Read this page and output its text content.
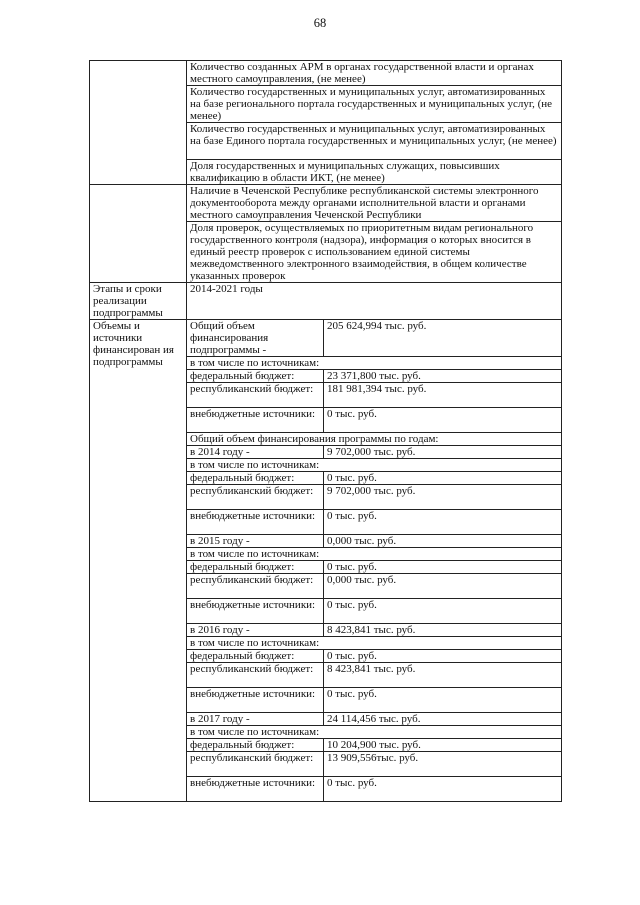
68
	Количество созданных АРМ в органах государственной власти и органах местного самоуправления, (не менее)	
	Количество государственных и муниципальных услуг, автоматизированных на базе регионального портала государственных и муниципальных услуг, (не менее)	
	Количество государственных и муниципальных услуг, автоматизированных на базе Единого портала государственных и муниципальных услуг, (не менее)	
	Доля государственных и муниципальных служащих, повысивших квалификацию в области ИКТ, (не менее)	
	Наличие в Чеченской Республике республиканской системы электронного документооборота между органами исполнительной власти и органами местного самоуправления Чеченской Республики	
	Доля проверок, осуществляемых по приоритетным видам регионального государственного контроля (надзора), информация о которых вносится в единый реестр проверок с использованием единой системы межведомственного электронного взаимодействия, в общем количестве указанных проверок	
Этапы и сроки реализации подпрограммы	2014-2021 годы	
Объемы и источники финансирован ия подпрограммы	Общий объем финансирования подпрограммы -	205 624,994 тыс. руб.
	в том числе по источникам:	
	федеральный бюджет:	23 371,800 тыс. руб.
	республиканский бюджет:	181 981,394 тыс. руб.
	внебюджетные источники:	0 тыс. руб.
	Общий объем финансирования программы по годам:	
	в 2014 году -	9 702,000 тыс. руб.
	в том числе по источникам:	
	федеральный бюджет:	0 тыс. руб.
	республиканский бюджет:	9 702,000 тыс. руб.
	внебюджетные источники:	0 тыс. руб.
	в 2015 году -	0,000 тыс. руб.
	в том числе по источникам:	
	федеральный бюджет:	0 тыс. руб.
	республиканский бюджет:	0,000 тыс. руб.
	внебюджетные источники:	0 тыс. руб.
	в 2016 году -	8 423,841 тыс. руб.
	в том числе по источникам:	
	федеральный бюджет:	0 тыс. руб.
	республиканский бюджет:	8 423,841 тыс. руб.
	внебюджетные источники:	0 тыс. руб.
	в 2017 году -	24 114,456 тыс. руб.
	в том числе по источникам:	
	федеральный бюджет:	10 204,900 тыс. руб.
	республиканский бюджет:	13 909,556тыс. руб.
	внебюджетные источники:	0 тыс. руб.
